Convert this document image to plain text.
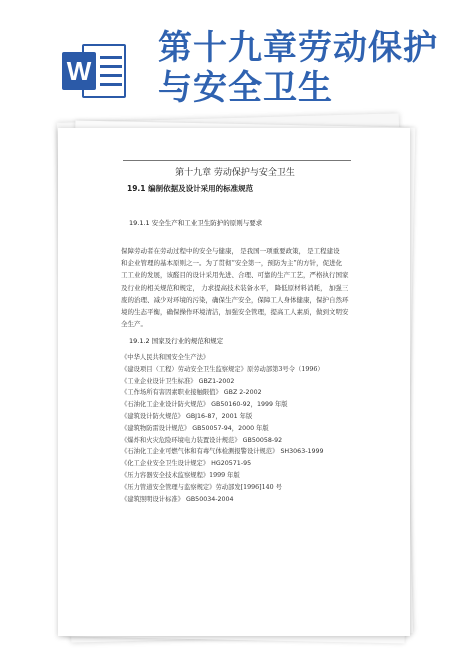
W
第十九章劳动保护
与安全卫生
第十九章 劳动保护与安全卫生
19.1 编制依据及设计采用的标准规范
19.1.1 安全生产和工业卫生防护的原则与要求

保障劳动者在劳动过程中的安全与健康， 是我国一项重要政策， 是工程建设

和企业管理的基本原则之一。为了贯彻“安全第一，预防为主”的方针，促进化

工工业的发展，该醛目的设计采用先进、合理、可靠的生产工艺，严格执行国家

及行业的相关规范和规定， 力求提高技术装备水平， 降低原材料消耗， 加强三

废的治理、减少对环境的污染，确保生产安全，保障工人身体健康，保护自然环

境的生态平衡，确保操作环境清洁，加强安全管理，提高工人素质，做到文明安

全生产。

19.1.2 国家及行业的规范和规定
《中华人民共和国安全生产法》
《建设项目（工程）劳动安全卫生监察规定》原劳动部第3号令（1996）
《工业企业设计卫生标准》 GBZ1-2002
《工作场所有害因素职业接触限值》 GBZ 2-2002
《石油化工企业设计防火规范》 GB50160-92，1999 年版
《建筑设计防火规范》 GBJ16-87，2001 年版
《建筑物防雷设计规范》 GB50057-94，2000 年版
《爆炸和火灾危险环境电力装置设计规范》 GB50058-92
《石油化工企业可燃气体和有毒气体检测报警设计规范》 SH3063-1999
《化工企业安全卫生设计规定》 HG20571-95
《压力容器安全技术监察规程》1999 年版
《压力管道安全管理与监察规定》劳动部发[1996]140 号
《建筑照明设计标准》 GB50034-2004
